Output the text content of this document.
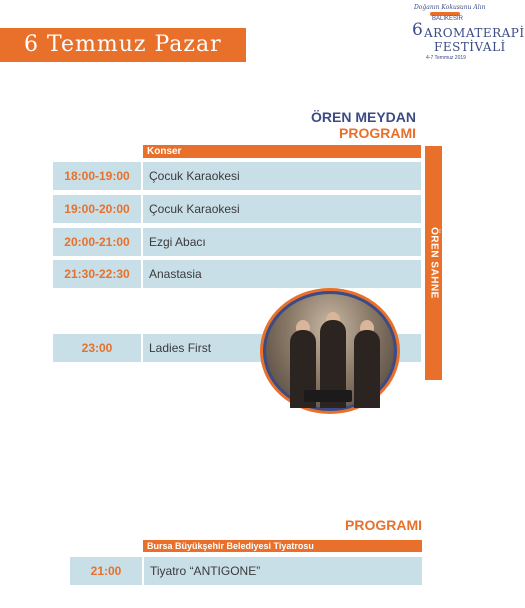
6 Temmuz Pazar
Doğanın Kokusunu Alın
6
BALIKESİR
AROMATERAPİ
FESTİVALİ
4-7 Temmuz 2019
ÖREN MEYDAN
PROGRAMI
Konser
18:00-19:00	Çocuk Karaokesi
19:00-20:00	Çocuk Karaokesi
20:00-21:00	Ezgi Abacı
21:30-22:30	Anastasia
23:00	Ladies First
ÖREN SAHNE
PROGRAMI
Bursa Büyükşehir Belediyesi Tiyatrosu
21:00	Tiyatro “ANTIGONE”
